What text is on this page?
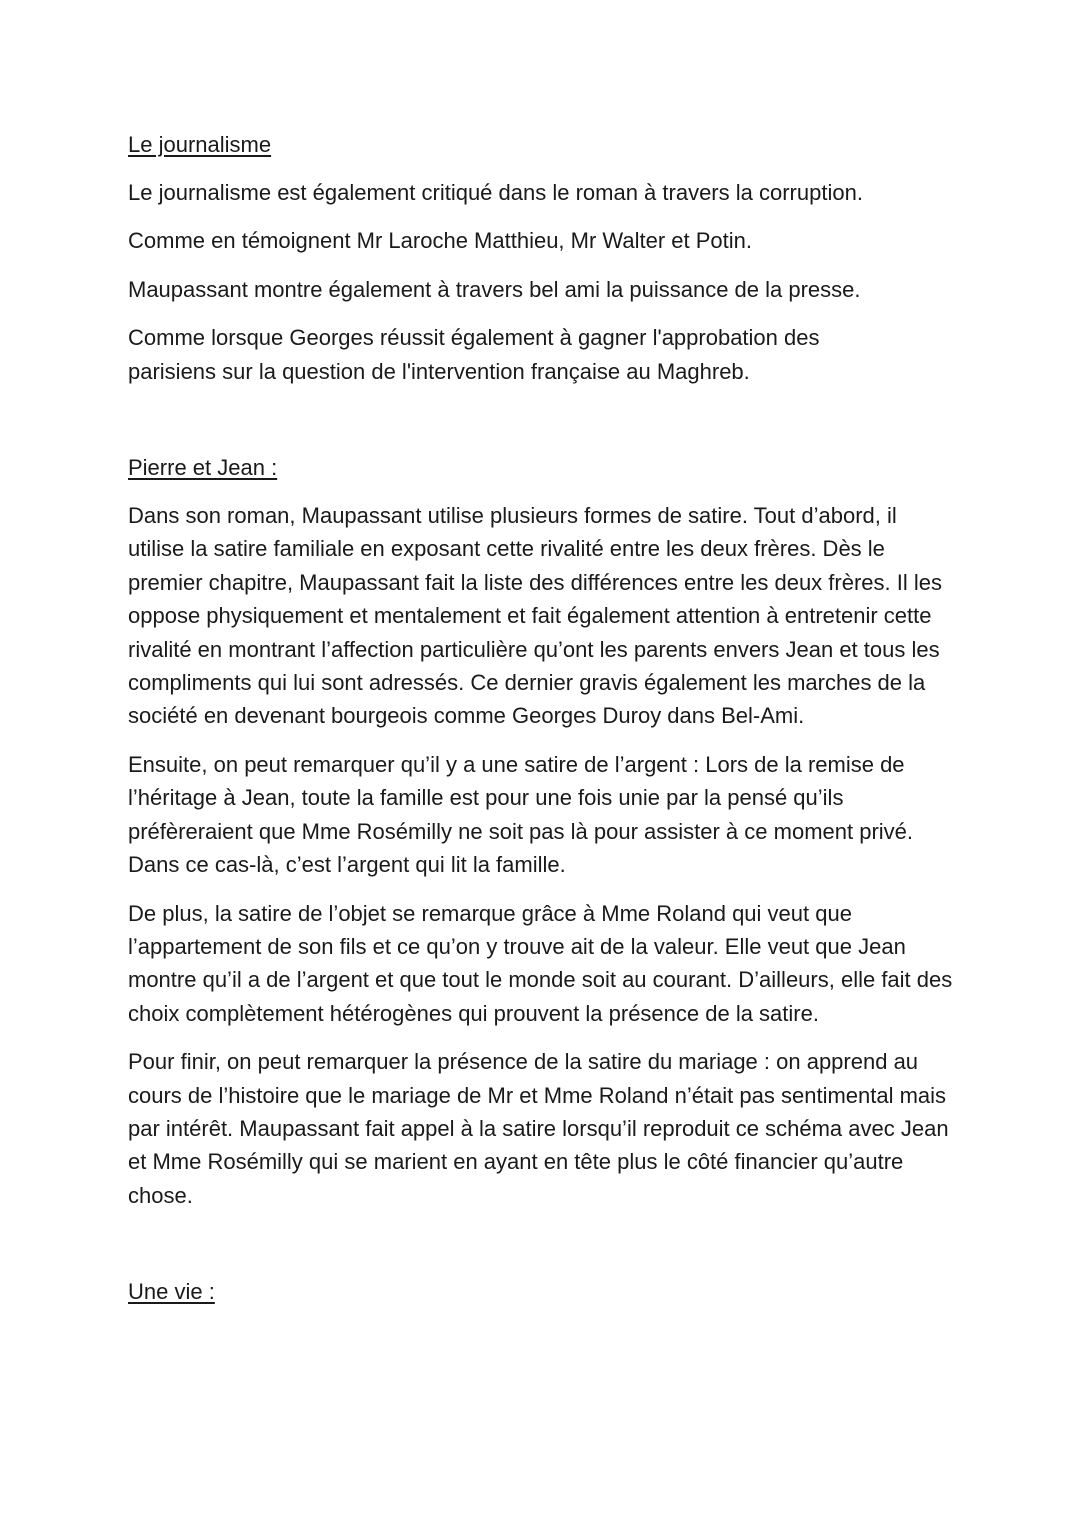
Le journalisme

Le journalisme est également critiqué dans le roman à travers la corruption.

Comme en témoignent Mr Laroche Matthieu, Mr Walter et Potin.

Maupassant montre également à travers bel ami la puissance de la presse.

Comme lorsque Georges réussit également à gagner l'approbation des parisiens sur la question de l'intervention française au Maghreb.

Pierre et Jean :

Dans son roman, Maupassant utilise plusieurs formes de satire. Tout d’abord, il utilise la satire familiale en exposant cette rivalité entre les deux frères. Dès le premier chapitre, Maupassant fait la liste des différences entre les deux frères. Il les oppose physiquement et mentalement et fait également attention à entretenir cette rivalité en montrant l’affection particulière qu’ont les parents envers Jean et tous les compliments qui lui sont adressés. Ce dernier gravis également les marches de la société en devenant bourgeois comme Georges Duroy dans Bel-Ami.

Ensuite, on peut remarquer qu’il y a une satire de l’argent : Lors de la remise de l’héritage à Jean, toute la famille est pour une fois unie par la pensé qu’ils préfèreraient que Mme Rosémilly ne soit pas là pour assister à ce moment privé. Dans ce cas-là, c’est l’argent qui lit la famille.

De plus, la satire de l’objet se remarque grâce à Mme Roland qui veut que l’appartement de son fils et ce qu’on y trouve ait de la valeur. Elle veut que Jean montre qu’il a de l’argent et que tout le monde soit au courant. D’ailleurs, elle fait des choix complètement hétérogènes qui prouvent la présence de la satire.

Pour finir, on peut remarquer la présence de la satire du mariage : on apprend au cours de l’histoire que le mariage de Mr et Mme Roland n’était pas sentimental mais par intérêt. Maupassant fait appel à la satire lorsqu’il reproduit ce schéma avec Jean et Mme Rosémilly qui se marient en ayant en tête plus le côté financier qu’autre chose.

Une vie :
